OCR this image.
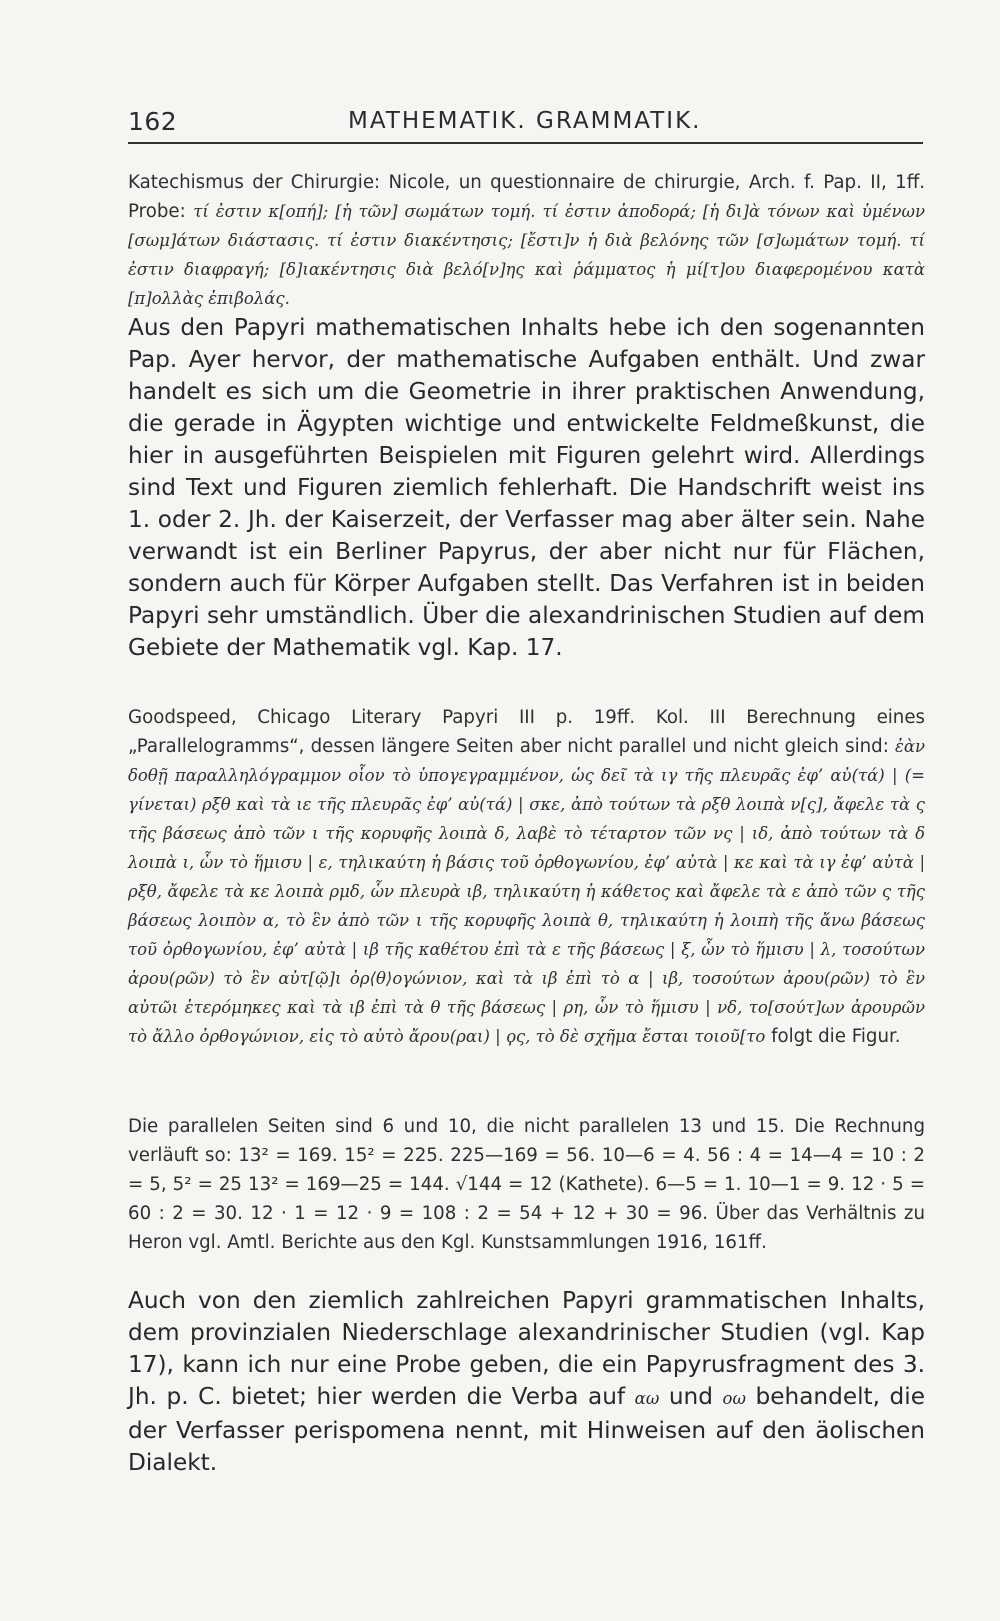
162	MATHEMATIK. GRAMMATIK.

Katechismus der Chirurgie: Nicole, un questionnaire de chirurgie, Arch. f. Pap. II, 1ff. Probe: τί ἐστιν κ[οπή]; [ἡ τῶν] σωμάτων τομή. τί ἐστιν ἀποδορά; [ἡ δι]ὰ τόνων καὶ ὑμένων [σωμ]άτων διάστασις. τί ἐστιν διακέντησις; [ἔστι]ν ἡ διὰ βελόνης τῶν [σ]ωμάτων τομή. τί ἐστιν διαφραγή; [δ]ιακέντησις διὰ βελό[ν]ης καὶ ῥάμματος ἡ μί[τ]ου διαφερομένου κατὰ [π]ολλὰς ἐπιβολάς.

Aus den Papyri mathematischen Inhalts hebe ich den sogenannten Pap. Ayer hervor, der mathematische Aufgaben enthält. Und zwar handelt es sich um die Geometrie in ihrer praktischen Anwendung, die gerade in Ägypten wichtige und entwickelte Feldmeßkunst, die hier in ausgeführten Beispielen mit Figuren gelehrt wird. Allerdings sind Text und Figuren ziemlich fehlerhaft. Die Handschrift weist ins 1. oder 2. Jh. der Kaiserzeit, der Verfasser mag aber älter sein. Nahe verwandt ist ein Berliner Papyrus, der aber nicht nur für Flächen, sondern auch für Körper Aufgaben stellt. Das Verfahren ist in beiden Papyri sehr umständlich. Über die alexandrinischen Studien auf dem Gebiete der Mathematik vgl. Kap. 17.

Goodspeed, Chicago Literary Papyri III p. 19ff. Kol. III Berechnung eines „Parallelogramms“, dessen längere Seiten aber nicht parallel und nicht gleich sind: ἐὰν δοθῇ παραλληλόγραμμον οἷον τὸ ὑπογεγραμμένον, ὡς δεῖ τὰ ιγ τῆς πλευρᾶς ἐφ’ αὐ(τά) | (= γίνεται) ρξθ καὶ τὰ ιε τῆς πλευρᾶς ἐφ’ αὐ(τά) | σκε, ἀπὸ τούτων τὰ ρξθ λοιπὰ ν[ς], ἄφελε τὰ ς τῆς βάσεως ἀπὸ τῶν ι τῆς κορυφῆς λοιπὰ δ, λαβὲ τὸ τέταρτον τῶν νς | ιδ, ἀπὸ τούτων τὰ δ λοιπὰ ι, ὧν τὸ ἥμισυ | ε, τηλικαύτη ἡ βάσις τοῦ ὀρθογωνίου, ἐφ’ αὐτὰ | κε καὶ τὰ ιγ ἐφ’ αὐτὰ | ρξθ, ἄφελε τὰ κε λοιπὰ ρμδ, ὧν πλευρὰ ιβ, τηλικαύτη ἡ κάθετος καὶ ἄφελε τὰ ε ἀπὸ τῶν ς τῆς βάσεως λοιπὸν α, τὸ ἓν ἀπὸ τῶν ι τῆς κορυφῆς λοιπὰ θ, τηλικαύτη ἡ λοιπὴ τῆς ἄνω βάσεως τοῦ ὀρθογωνίου, ἐφ’ αὐτὰ | ιβ τῆς καθέτου ἐπὶ τὰ ε τῆς βάσεως | ξ, ὧν τὸ ἥμισυ | λ, τοσούτων ἀρου(ρῶν) τὸ ἓν αὐτ[ῷ]ι ὀρ⟨θ⟩ογώνιον, καὶ τὰ ιβ ἐπὶ τὸ α | ιβ, τοσούτων ἀρου(ρῶν) τὸ ἓν αὐτῶι ἑτερόμηκες καὶ τὰ ιβ ἐπὶ τὰ θ τῆς βάσεως | ρη, ὧν τὸ ἥμισυ | νδ, το[σούτ]ων ἀρουρῶν τὸ ἄλλο ὀρθογώνιον, εἰς τὸ αὐτὸ ἄρου(ραι) | ϙς, τὸ δὲ σχῆμα ἔσται τοιοῦ[το folgt die Figur.

Die parallelen Seiten sind 6 und 10, die nicht parallelen 13 und 15. Die Rechnung verläuft so: 13² = 169. 15² = 225. 225—169 = 56. 10—6 = 4. 56 : 4 = 14—4 = 10 : 2 = 5, 5² = 25 13² = 169—25 = 144. √144 = 12 (Kathete). 6—5 = 1. 10—1 = 9. 12 · 5 = 60 : 2 = 30. 12 · 1 = 12 · 9 = 108 : 2 = 54 + 12 + 30 = 96. Über das Verhältnis zu Heron vgl. Amtl. Berichte aus den Kgl. Kunstsammlungen 1916, 161ff.

Auch von den ziemlich zahlreichen Papyri grammatischen Inhalts, dem provinzialen Niederschlage alexandrinischer Studien (vgl. Kap 17), kann ich nur eine Probe geben, die ein Papyrusfragment des 3. Jh. p. C. bietet; hier werden die Verba auf αω und οω behandelt, die der Verfasser perispomena nennt, mit Hinweisen auf den äolischen Dialekt.
